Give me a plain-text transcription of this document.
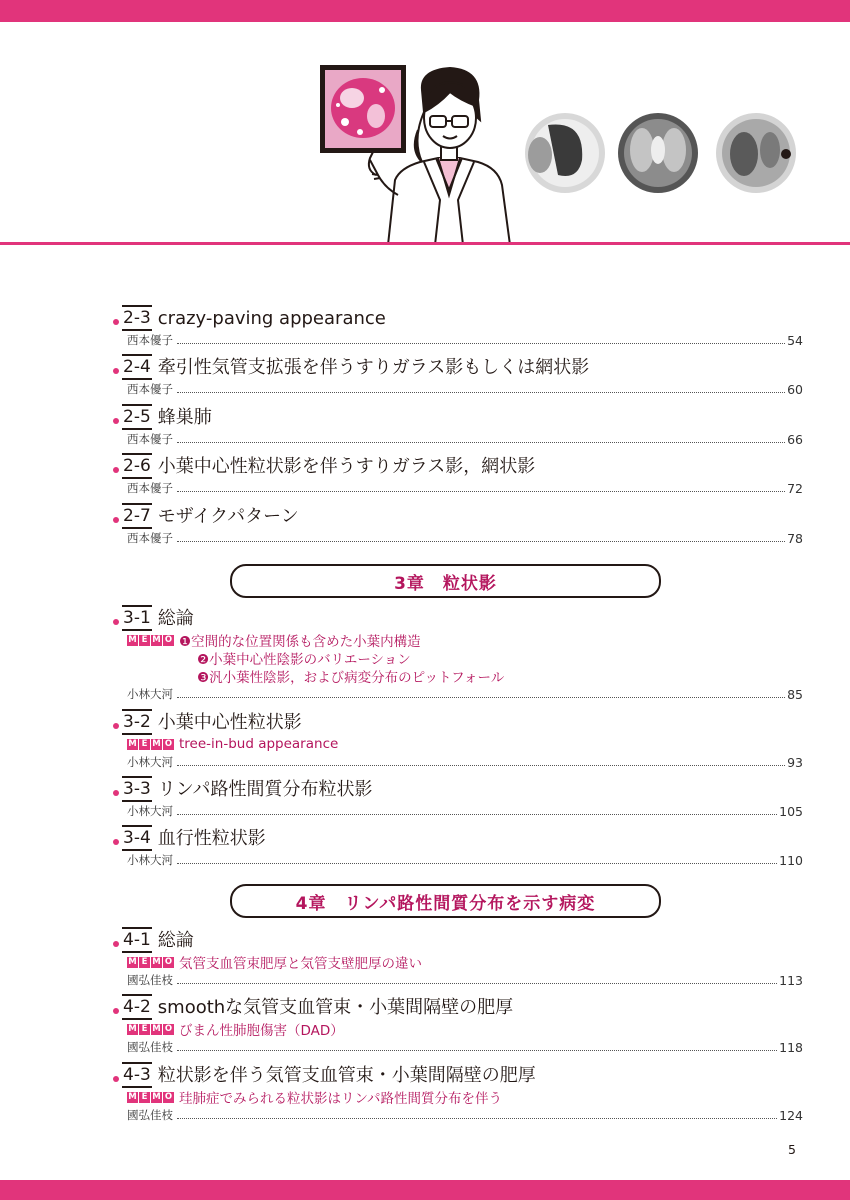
2-3 crazy-paving appearance
西本優子	54
2-4 牽引性気管支拡張を伴うすりガラス影もしくは網状影
西本優子	60
2-5 蜂巣肺
西本優子	66
2-6 小葉中心性粒状影を伴うすりガラス影，網状影
西本優子	72
2-7 モザイクパターン
西本優子	78
3章　粒状影
3-1 総論
M E M O ❶空間的な位置関係も含めた小葉内構造
❷小葉中心性陰影のバリエーション
❸汎小葉性陰影，および病変分布のピットフォール
小林大河	85
3-2 小葉中心性粒状影
M E M O tree-in-bud appearance
小林大河	93
3-3 リンパ路性間質分布粒状影
小林大河	105
3-4 血行性粒状影
小林大河	110
4章　リンパ路性間質分布を示す病変
4-1 総論
M E M O 気管支血管束肥厚と気管支壁肥厚の違い
國弘佳枝	113
4-2 smoothな気管支血管束・小葉間隔壁の肥厚
M E M O びまん性肺胞傷害（DAD）
國弘佳枝	118
4-3 粒状影を伴う気管支血管束・小葉間隔壁の肥厚
M E M O 珪肺症でみられる粒状影はリンパ路性間質分布を伴う
國弘佳枝	124
5
